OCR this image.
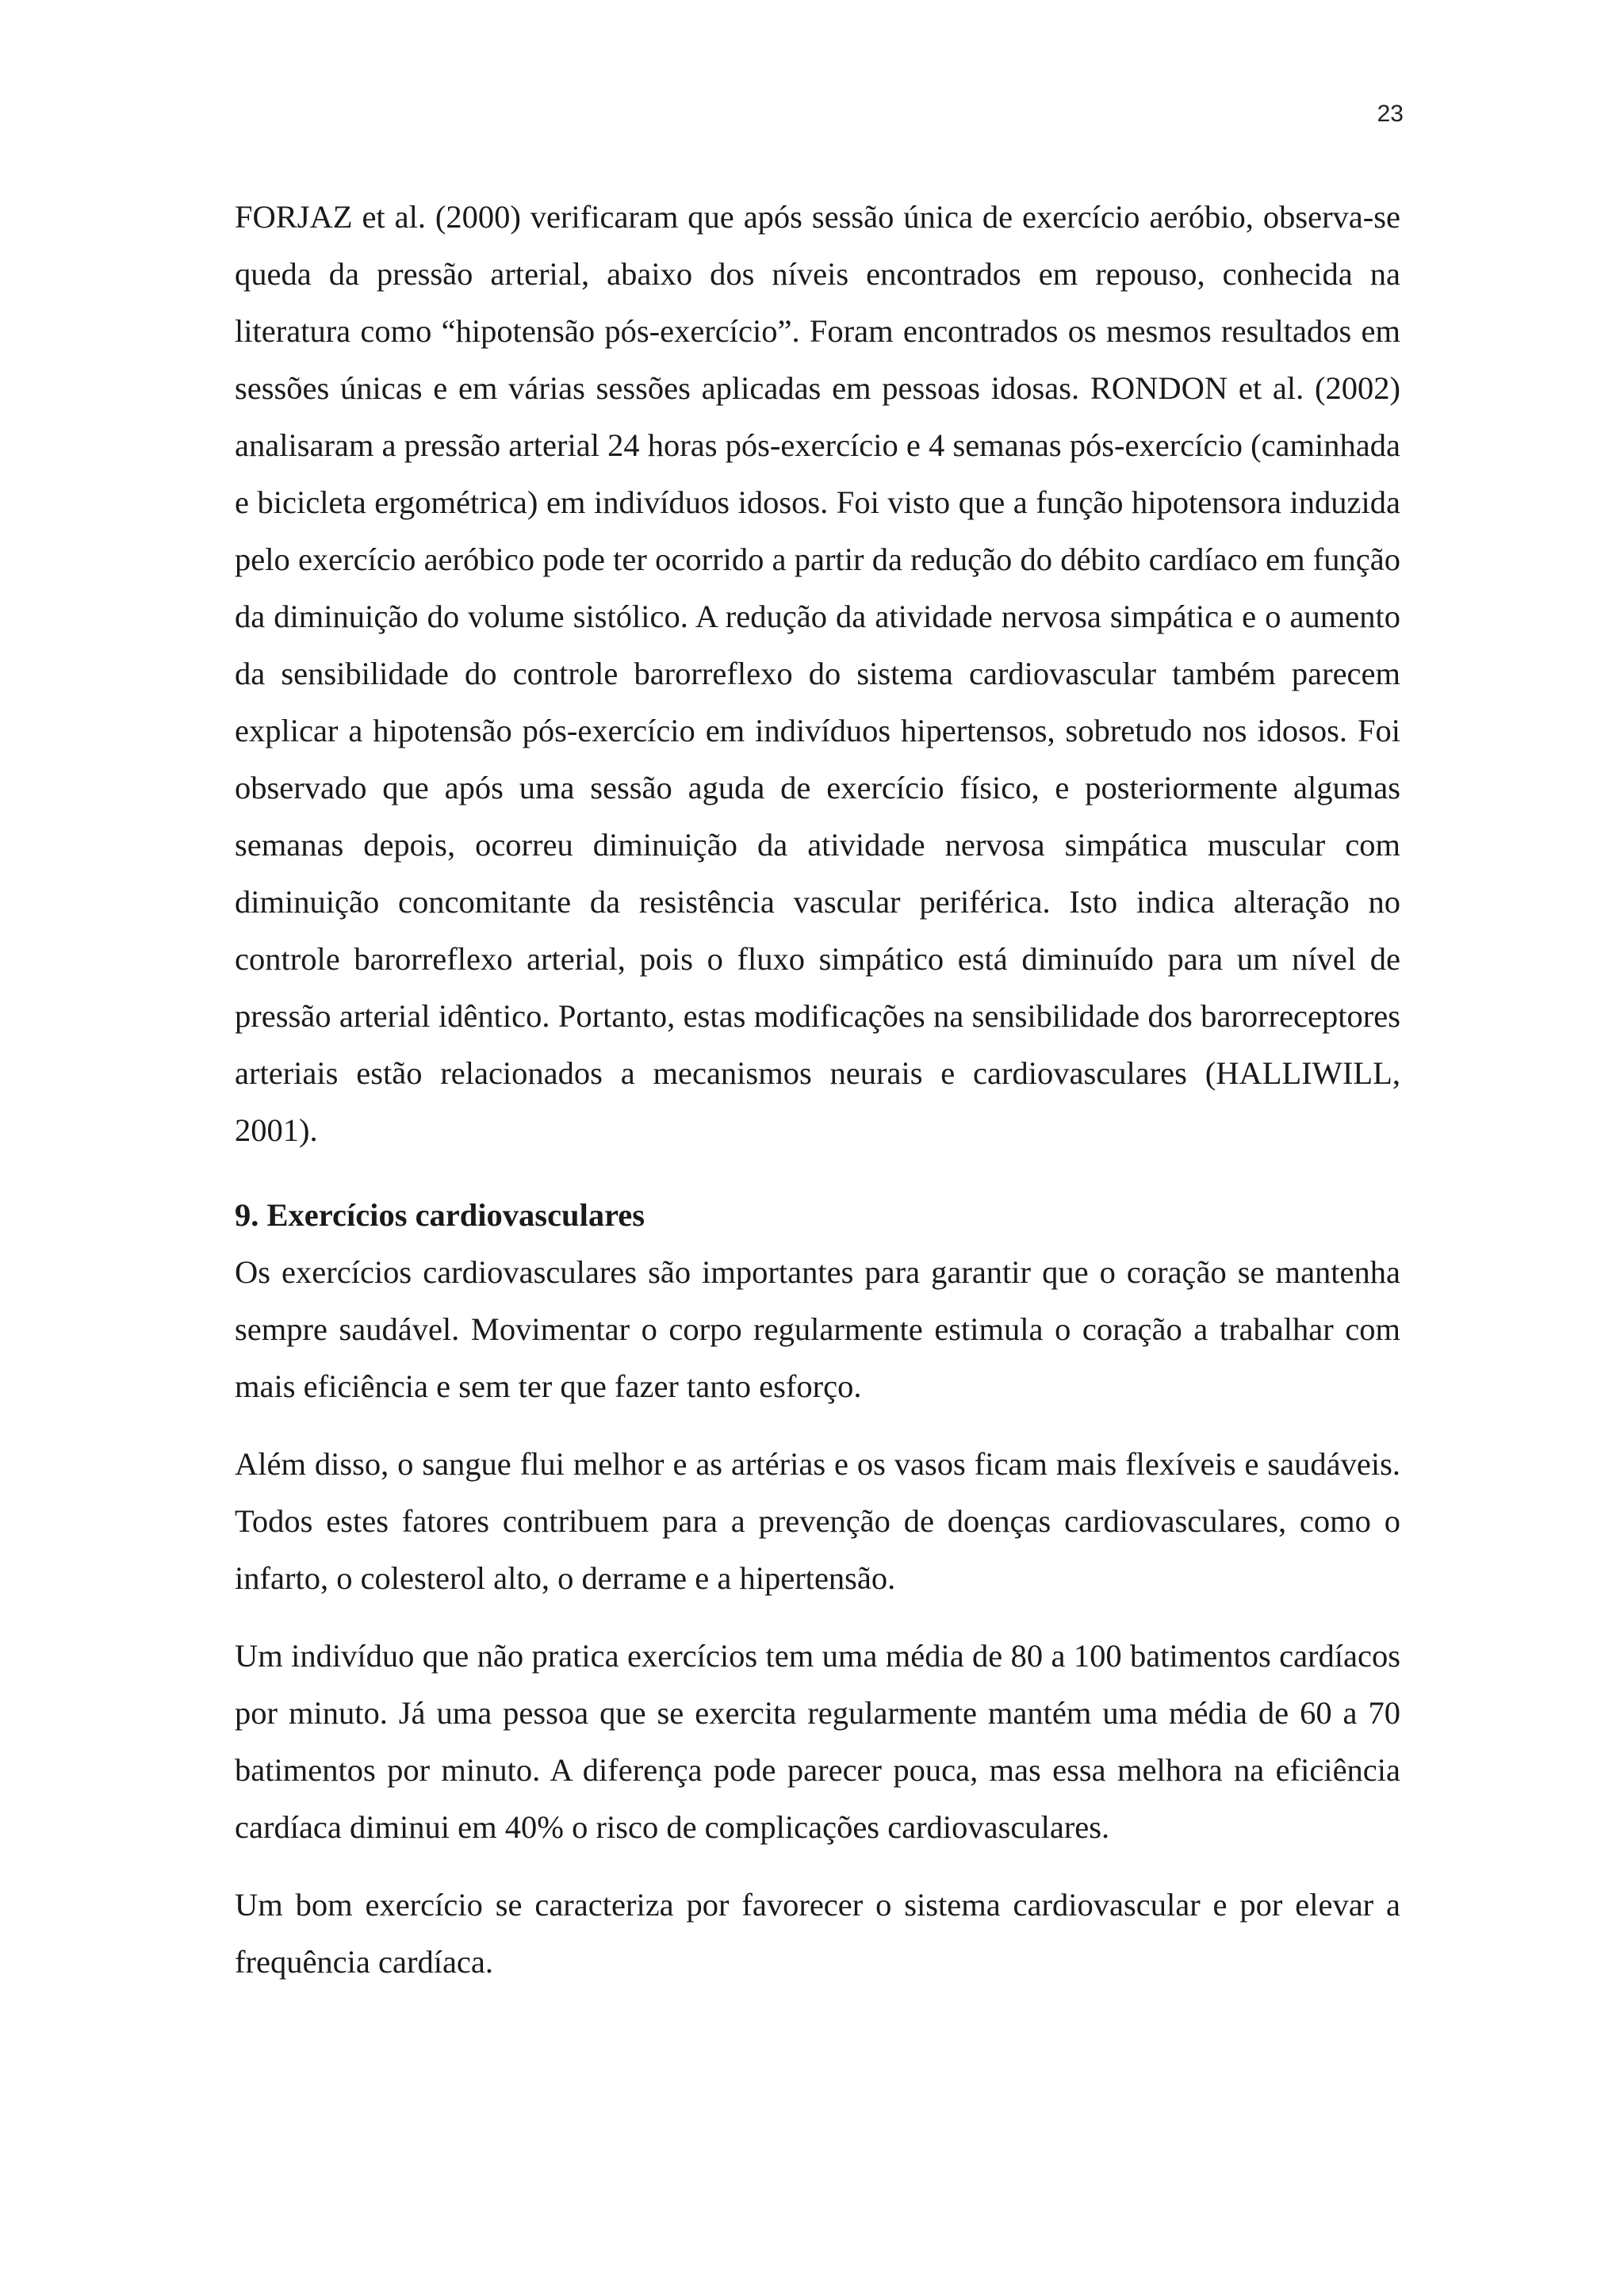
23

FORJAZ et al. (2000) verificaram que após sessão única de exercício aeróbio, observa-se queda da pressão arterial, abaixo dos níveis encontrados em repouso, conhecida na literatura como “hipotensão pós-exercício”. Foram encontrados os mesmos resultados em sessões únicas e em várias sessões aplicadas em pessoas idosas. RONDON et al. (2002) analisaram a pressão arterial 24 horas pós-exercício e 4 semanas pós-exercício (caminhada e bicicleta ergométrica) em indivíduos idosos. Foi visto que a função hipotensora induzida pelo exercício aeróbico pode ter ocorrido a partir da redução do débito cardíaco em função da diminuição do volume sistólico. A redução da atividade nervosa simpática e o aumento da sensibilidade do controle barorreflexo do sistema cardiovascular também parecem explicar a hipotensão pós-exercício em indivíduos hipertensos, sobretudo nos idosos. Foi observado que após uma sessão aguda de exercício físico, e posteriormente algumas semanas depois, ocorreu diminuição da atividade nervosa simpática muscular com diminuição concomitante da resistência vascular periférica. Isto indica alteração no controle barorreflexo arterial, pois o fluxo simpático está diminuído para um nível de pressão arterial idêntico. Portanto, estas modificações na sensibilidade dos barorreceptores arteriais estão relacionados a mecanismos neurais e cardiovasculares (HALLIWILL, 2001).

9. Exercícios cardiovasculares

Os exercícios cardiovasculares são importantes para garantir que o coração se mantenha sempre saudável. Movimentar o corpo regularmente estimula o coração a trabalhar com mais eficiência e sem ter que fazer tanto esforço.

Além disso, o sangue flui melhor e as artérias e os vasos ficam mais flexíveis e saudáveis. Todos estes fatores contribuem para a prevenção de doenças cardiovasculares, como o infarto, o colesterol alto, o derrame e a hipertensão.

Um indivíduo que não pratica exercícios tem uma média de 80 a 100 batimentos cardíacos por minuto. Já uma pessoa que se exercita regularmente mantém uma média de 60 a 70 batimentos por minuto. A diferença pode parecer pouca, mas essa melhora na eficiência cardíaca diminui em 40% o risco de complicações cardiovasculares.

Um bom exercício se caracteriza por favorecer o sistema cardiovascular e por elevar a frequência cardíaca.
